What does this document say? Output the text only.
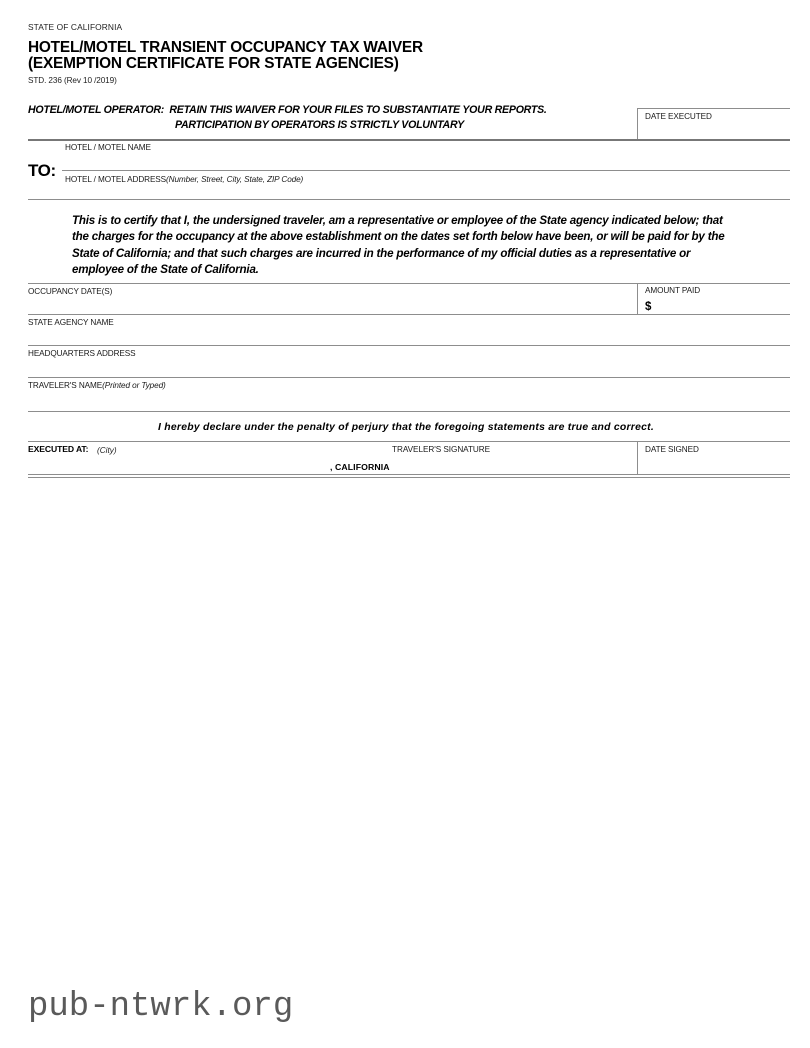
STATE OF CALIFORNIA
HOTEL/MOTEL TRANSIENT OCCUPANCY TAX WAIVER
(EXEMPTION CERTIFICATE FOR STATE AGENCIES)
STD. 236 (Rev 10 /2019)
HOTEL/MOTEL OPERATOR:  RETAIN THIS WAIVER FOR YOUR FILES TO SUBSTANTIATE YOUR REPORTS.
PARTICIPATION BY OPERATORS IS STRICTLY VOLUNTARY
DATE EXECUTED
TO:
HOTEL / MOTEL NAME
HOTEL / MOTEL ADDRESS(Number, Street, City, State, ZIP Code)
This is to certify that I, the undersigned traveler, am a representative or employee of the State agency indicated below; that the charges for the occupancy at the above establishment on the dates set forth below have been, or will be paid for by the State of California; and that such charges are incurred in the performance of my official duties as a representative or employee of the State of California.
OCCUPANCY DATE(S)	AMOUNT PAID
$
STATE AGENCY NAME
HEADQUARTERS ADDRESS
TRAVELER'S NAME(Printed or Typed)
I hereby declare under the penalty of perjury that the foregoing statements are true and correct.
EXECUTED AT: (City)
, CALIFORNIA
TRAVELER'S SIGNATURE	DATE SIGNED
pub-ntwrk.org
